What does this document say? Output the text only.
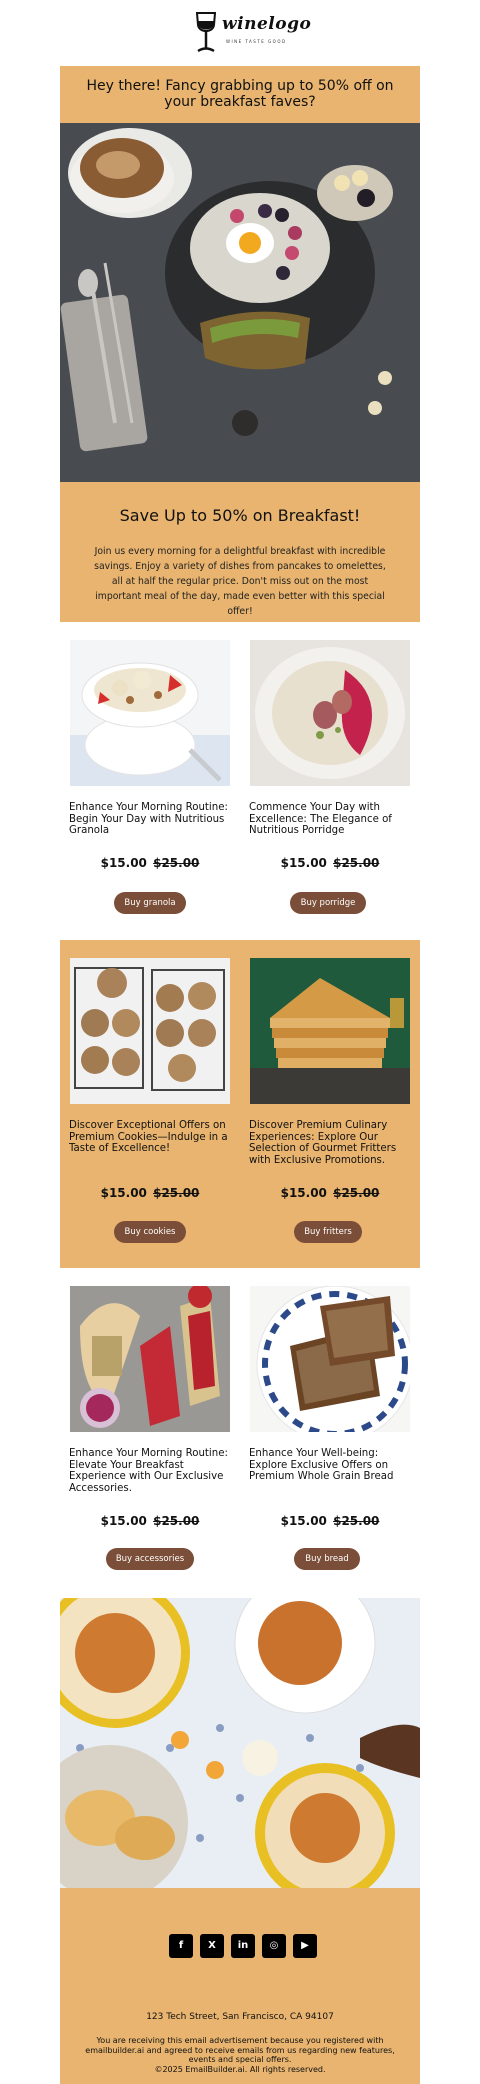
winelogo
WINE TASTE GOOD
Hey there! Fancy grabbing up to 50% off on your breakfast faves?
Save Up to 50% on Breakfast!
Join us every morning for a delightful breakfast with incredible savings. Enjoy a variety of dishes from pancakes to omelettes, all at half the regular price. Don't miss out on the most important meal of the day, made even better with this special offer!
Enhance Your Morning Routine: Begin Your Day with Nutritious Granola
$15.00 $25.00
Buy granola
Commence Your Day with Excellence: The Elegance of Nutritious Porridge
$15.00 $25.00
Buy porridge
Discover Exceptional Offers on Premium Cookies—Indulge in a Taste of Excellence!
$15.00 $25.00
Buy cookies
Discover Premium Culinary Experiences: Explore Our Selection of Gourmet Fritters with Exclusive Promotions.
$15.00 $25.00
Buy fritters
Enhance Your Morning Routine: Elevate Your Breakfast Experience with Our Exclusive Accessories.
$15.00 $25.00
Buy accessories
Enhance Your Well-being: Explore Exclusive Offers on Premium Whole Grain Bread
$15.00 $25.00
Buy bread
f	X	in	◎	▶
123 Tech Street, San Francisco, CA 94107
You are receiving this email advertisement because you registered with emailbuilder.ai and agreed to receive emails from us regarding new features, events and special offers.
©2025 EmailBuilder.ai. All rights reserved.
